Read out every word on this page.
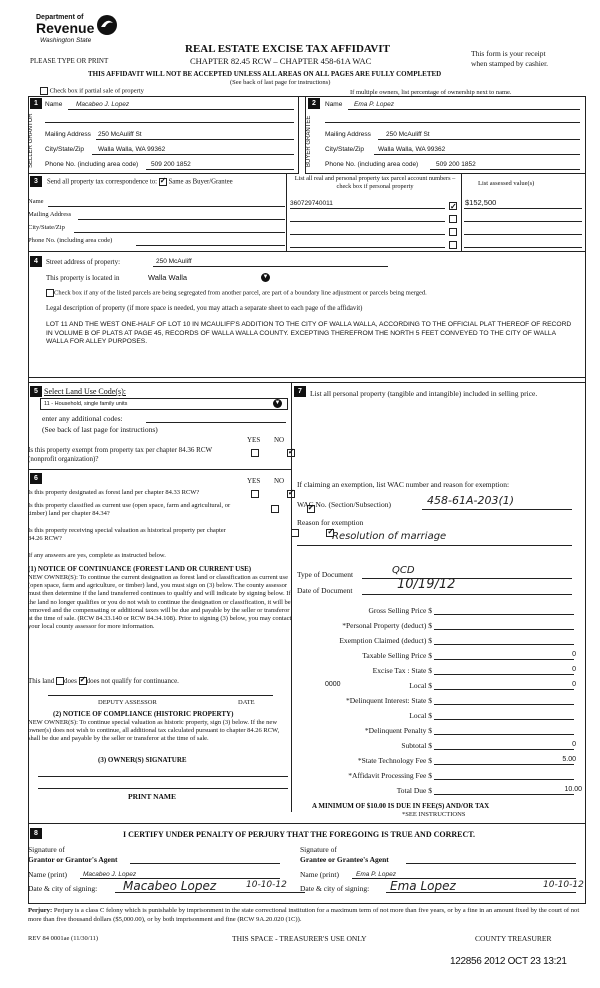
Department of
Revenue
Washington State
REAL ESTATE EXCISE TAX AFFIDAVIT
CHAPTER 82.45 RCW – CHAPTER 458-61A WAC
PLEASE TYPE OR PRINT
This form is your receipt
when stamped by cashier.
THIS AFFIDAVIT WILL NOT BE ACCEPTED UNLESS ALL AREAS ON ALL PAGES ARE FULLY COMPLETED
(See back of last page for instructions)
Check box if partial sale of property	If multiple owners, list percentage of ownership next to name.
1
SELLER GRANTOR
Name Macabeo J. Lopez
Mailing Address 250 McAuliff St
City/State/Zip Walla Walla, WA 99362
Phone No. (including area code) 509 200 1852
2
BUYER GRANTEE
Name Ema P. Lopez
Mailing Address 250 McAuliff St
City/State/Zip Walla Walla, WA 99362
Phone No. (including area code)	509 200 1852
3	Send all property tax correspondence to: ✓ Same as Buyer/Grantee
Name
Mailing Address
City/State/Zip
Phone No. (including area code)
List all real and personal property tax parcel account numbers – check box if personal property	List assessed value(s)
360729740011 ✓	$152,500
4	Street address of property:	250 McAuliff
This property is located in	Walla Walla	▼
Check box if any of the listed parcels are being segregated from another parcel, are part of a boundary line adjustment or parcels being merged.
Legal description of property (if more space is needed, you may attach a separate sheet to each page of the affidavit)
LOT 11 AND THE WEST ONE-HALF OF LOT 10 IN MCAULIFF'S ADDITION TO THE CITY OF WALLA WALLA, ACCORDING TO THE OFFICIAL PLAT THEREOF OF RECORD IN VOLUME B OF PLATS AT PAGE 45, RECORDS OF WALLA WALLA COUNTY. EXCEPTING THEREFROM THE NORTH 5 FEET CONVEYED TO THE CITY OF WALLA WALLA FOR ALLEY PURPOSES.
5 Select Land Use Code(s):
11 - Household, single family units	▼
enter any additional codes:
(See back of last page for instructions)
YES NO
Is this property exempt from property tax per chapter 84.36 RCW (nonprofit organization)?
✓
6	YES NO
Is this property designated as forest land per chapter 84.33 RCW?
✓
Is this property classified as current use (open space, farm and agricultural, or timber) land per chapter 84.34?
✓
Is this property receiving special valuation as historical property per chapter 84.26 RCW?
✓
If any answers are yes, complete as instructed below.
(1) NOTICE OF CONTINUANCE (FOREST LAND OR CURRENT USE)
NEW OWNER(S): To continue the current designation as forest land or classification as current use (open space, farm and agriculture, or timber) land, you must sign on (3) below. The county assessor must then determine if the land transferred continues to qualify and will indicate by signing below. If the land no longer qualifies or you do not wish to continue the designation or classification, it will be removed and the compensating or additional taxes will be due and payable by the seller or transferor at the time of sale. (RCW 84.33.140 or RCW 84.34.108). Prior to signing (3) below, you may contact your local county assessor for more information.
This land does ✓ does not qualify for continuance.
DEPUTY ASSESSOR	DATE
(2) NOTICE OF COMPLIANCE (HISTORIC PROPERTY)
NEW OWNER(S): To continue special valuation as historic property, sign (3) below. If the new owner(s) does not wish to continue, all additional tax calculated pursuant to chapter 84.26 RCW, shall be due and payable by the seller or transferor at the time of sale.
(3) OWNER(S) SIGNATURE
PRINT NAME
7	List all personal property (tangible and intangible) included in selling price.
If claiming an exemption, list WAC number and reason for exemption:
WAC No. (Section/Subsection)	458-61A-203(1)
Reason for exemption
Resolution of marriage
Type of Document	QCD
Date of Document	10/19/12
Gross Selling Price $
*Personal Property (deduct) $
Exemption Claimed (deduct) $
Taxable Selling Price $	0
Excise Tax : State $	0
0000	Local $	0
*Delinquent Interest: State $
Local $
*Delinquent Penalty $
Subtotal $	0
*State Technology Fee $	5.00
*Affidavit Processing Fee $
Total Due $	10.00
A MINIMUM OF $10.00 IS DUE IN FEE(S) AND/OR TAX
*SEE INSTRUCTIONS
8	I CERTIFY UNDER PENALTY OF PERJURY THAT THE FOREGOING IS TRUE AND CORRECT.
Signature of
Grantor or Grantor's Agent
Name (print) Macabeo J. Lopez
Date & city of signing: Macabeo Lopez	10-10-12
Signature of
Grantee or Grantee's Agent
Name (print)	Ema P. Lopez
Date & city of signing: Ema Lopez	10-10-12
Perjury: Perjury is a class C felony which is punishable by imprisonment in the state correctional institution for a maximum term of not more than five years, or by a fine in an amount fixed by the court of not more than five thousand dollars ($5,000.00), or by both imprisonment and fine (RCW 9A.20.020 (1C)).
REV 84 0001ae (11/30/11)	THIS SPACE - TREASURER'S USE ONLY	COUNTY TREASURER
122856 2012 OCT 23 13:21
